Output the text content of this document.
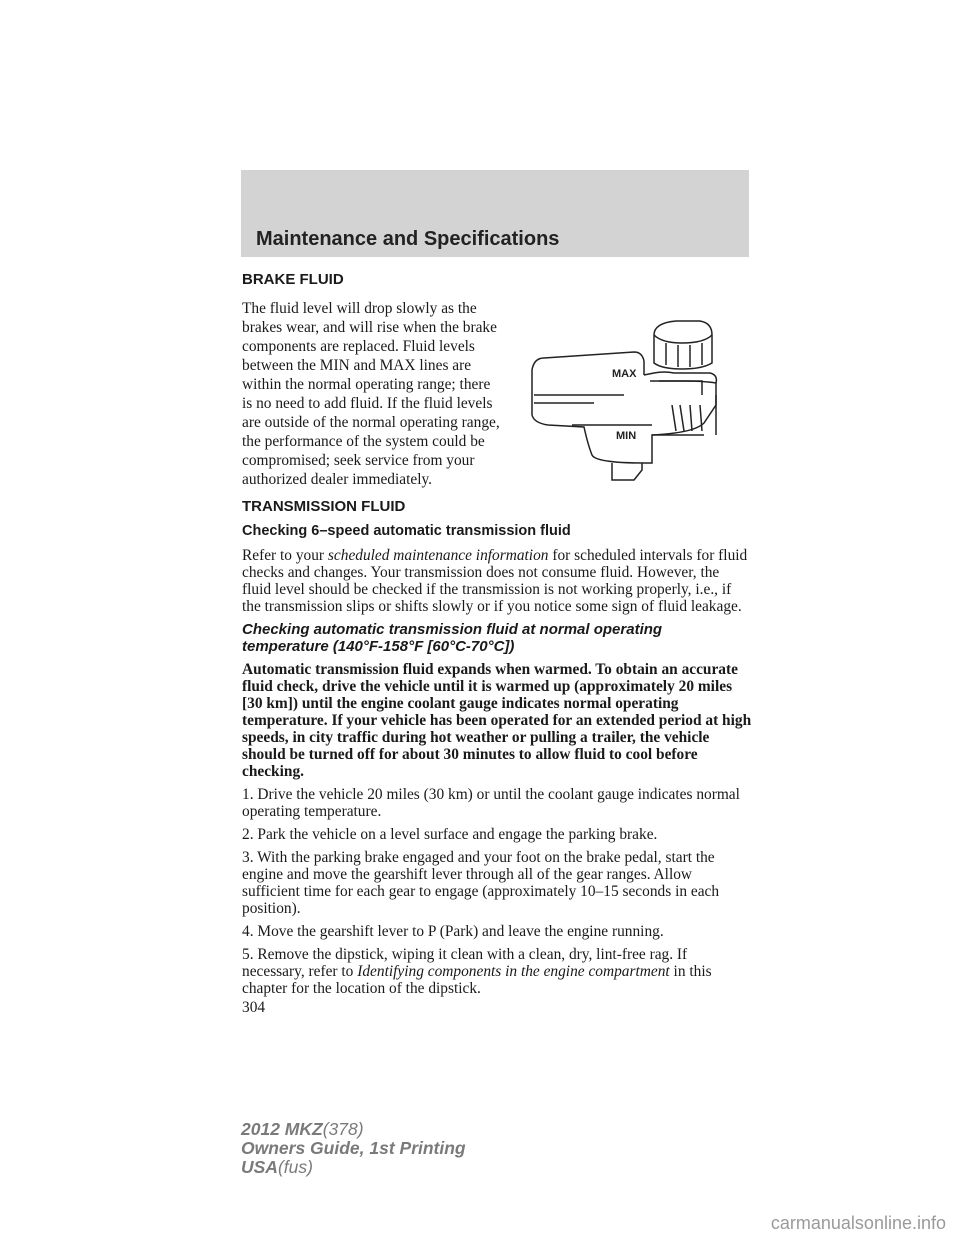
Maintenance and Specifications
BRAKE FLUID

The fluid level will drop slowly as the brakes wear, and will rise when the brake components are replaced. Fluid levels between the MIN and MAX lines are within the normal operating range; there is no need to add fluid. If the fluid levels are outside of the normal operating range, the performance of the system could be compromised; seek service from your authorized dealer immediately.

MAX
MIN
TRANSMISSION FLUID
Checking 6–speed automatic transmission fluid

Refer to your scheduled maintenance information for scheduled intervals for fluid checks and changes. Your transmission does not consume fluid. However, the fluid level should be checked if the transmission is not working properly, i.e., if the transmission slips or shifts slowly or if you notice some sign of fluid leakage.

Checking automatic transmission fluid at normal operating temperature (140°F-158°F [60°C-70°C])

Automatic transmission fluid expands when warmed. To obtain an accurate fluid check, drive the vehicle until it is warmed up (approximately 20 miles [30 km]) until the engine coolant gauge indicates normal operating temperature. If your vehicle has been operated for an extended period at high speeds, in city traffic during hot weather or pulling a trailer, the vehicle should be turned off for about 30 minutes to allow fluid to cool before checking.

1. Drive the vehicle 20 miles (30 km) or until the coolant gauge indicates normal operating temperature.

2. Park the vehicle on a level surface and engage the parking brake.

3. With the parking brake engaged and your foot on the brake pedal, start the engine and move the gearshift lever through all of the gear ranges. Allow sufficient time for each gear to engage (approximately 10–15 seconds in each position).

4. Move the gearshift lever to P (Park) and leave the engine running.

5. Remove the dipstick, wiping it clean with a clean, dry, lint-free rag. If necessary, refer to Identifying components in the engine compartment in this chapter for the location of the dipstick.

304
2012 MKZ(378)
Owners Guide, 1st Printing
USA(fus)
carmanualsonline.info
